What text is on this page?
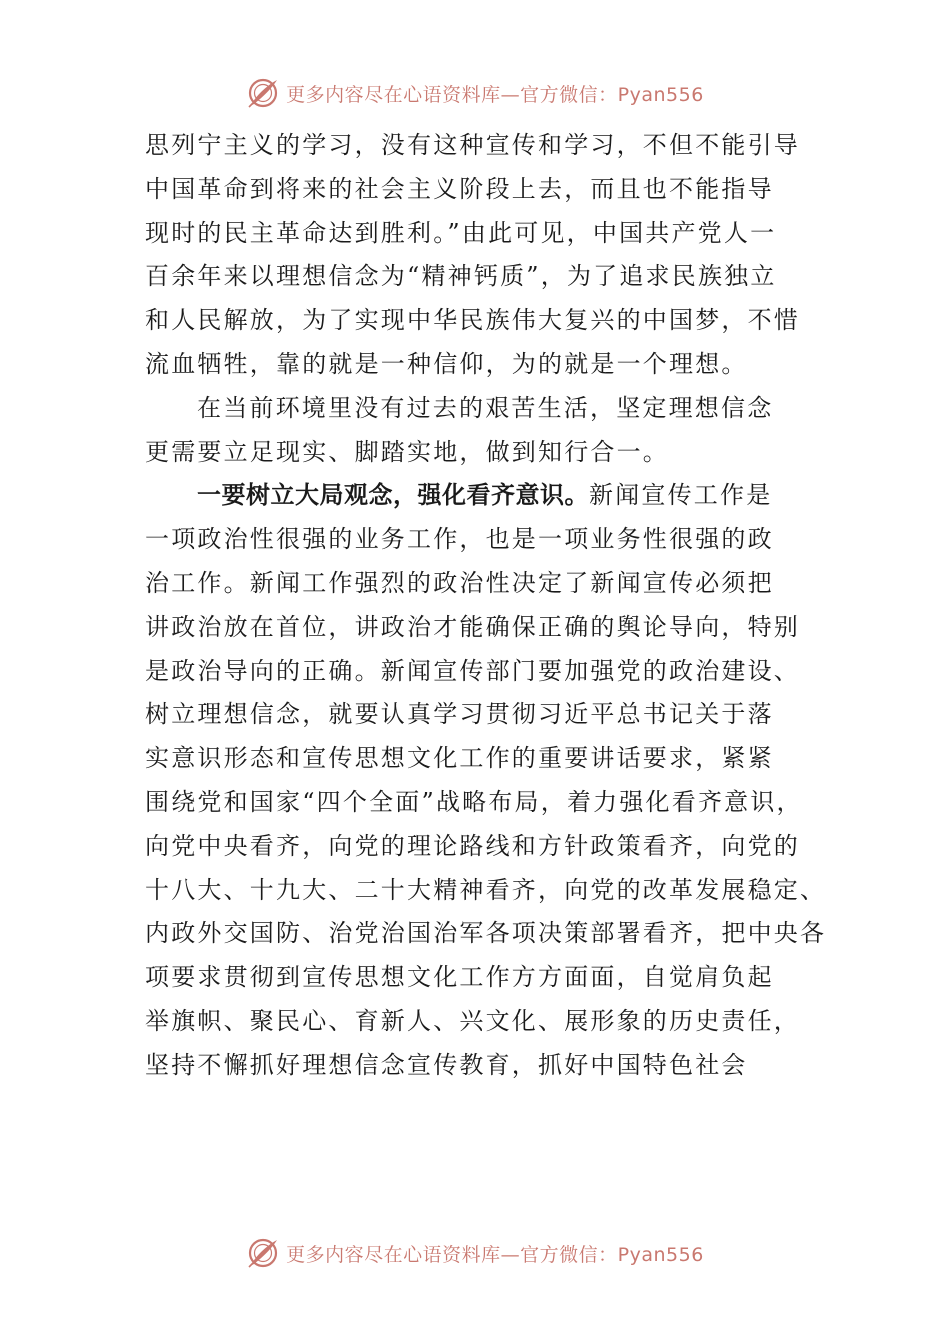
更多内容尽在心语资料库—官方微信：Pyan556
思列宁主义的学习，没有这种宣传和学习，不但不能引导
中国革命到将来的社会主义阶段上去，而且也不能指导
现时的民主革命达到胜利。”由此可见，中国共产党人一
百余年来以理想信念为“精神钙质”，为了追求民族独立
和人民解放，为了实现中华民族伟大复兴的中国梦，不惜
流血牺牲，靠的就是一种信仰，为的就是一个理想。
在当前环境里没有过去的艰苦生活，坚定理想信念
更需要立足现实、脚踏实地，做到知行合一。
一要树立大局观念，强化看齐意识。新闻宣传工作是
一项政治性很强的业务工作，也是一项业务性很强的政
治工作。新闻工作强烈的政治性决定了新闻宣传必须把
讲政治放在首位，讲政治才能确保正确的舆论导向，特别
是政治导向的正确。新闻宣传部门要加强党的政治建设、
树立理想信念，就要认真学习贯彻习近平总书记关于落
实意识形态和宣传思想文化工作的重要讲话要求，紧紧
围绕党和国家“四个全面”战略布局，着力强化看齐意识，
向党中央看齐，向党的理论路线和方针政策看齐，向党的
十八大、十九大、二十大精神看齐，向党的改革发展稳定、
内政外交国防、治党治国治军各项决策部署看齐，把中央各
项要求贯彻到宣传思想文化工作方方面面，自觉肩负起
举旗帜、聚民心、育新人、兴文化、展形象的历史责任，
坚持不懈抓好理想信念宣传教育，抓好中国特色社会
更多内容尽在心语资料库—官方微信：Pyan556
